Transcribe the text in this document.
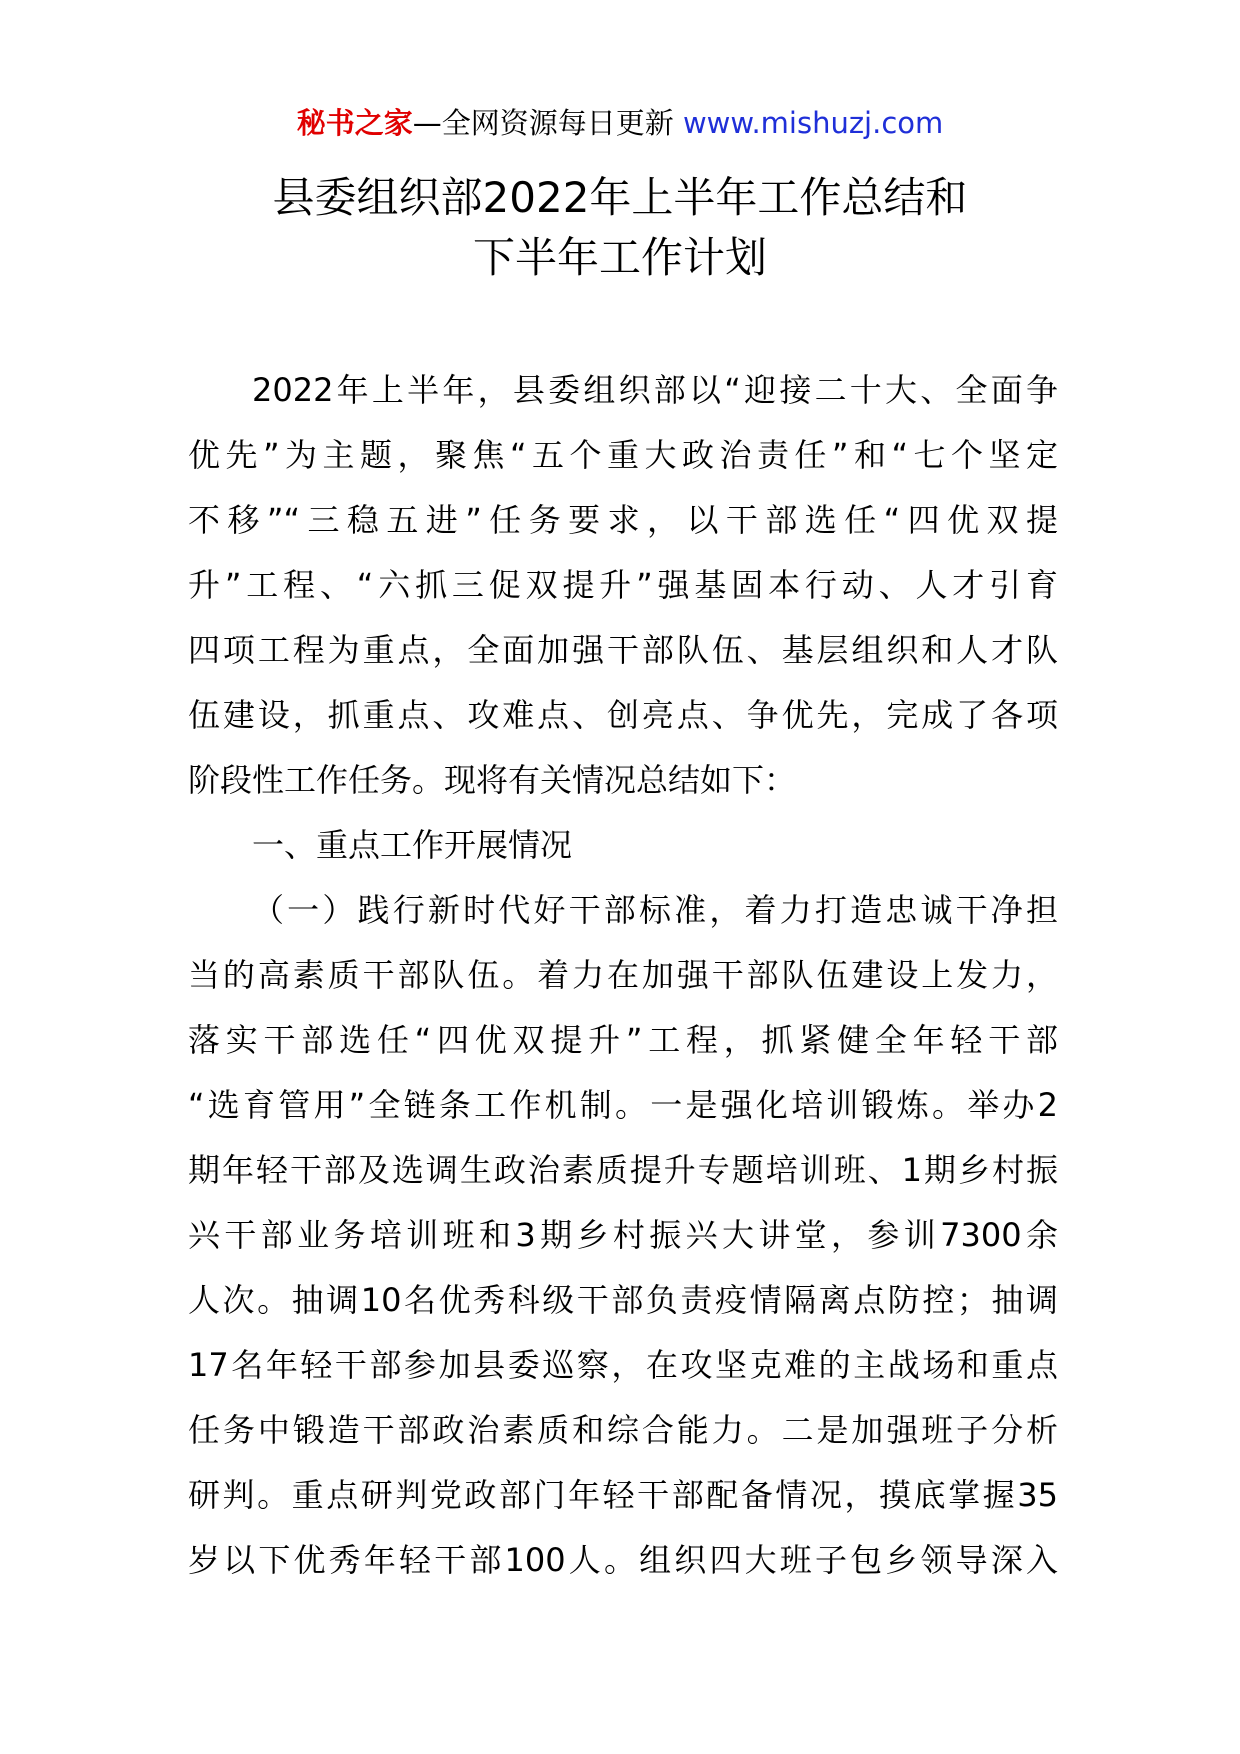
秘书之家—全网资源每日更新 www.mishuzj.com
县委组织部2022年上半年工作总结和
下半年工作计划
2022年上半年，县委组织部以“迎接二十大、全面争
优先”为主题，聚焦“五个重大政治责任”和“七个坚定
不移”“三稳五进”任务要求，以干部选任“四优双提
升”工程、“六抓三促双提升”强基固本行动、人才引育
四项工程为重点，全面加强干部队伍、基层组织和人才队
伍建设，抓重点、攻难点、创亮点、争优先，完成了各项
阶段性工作任务。现将有关情况总结如下：
一、重点工作开展情况
（一）践行新时代好干部标准，着力打造忠诚干净担
当的高素质干部队伍。着力在加强干部队伍建设上发力，
落实干部选任“四优双提升”工程，抓紧健全年轻干部
“选育管用”全链条工作机制。一是强化培训锻炼。举办2
期年轻干部及选调生政治素质提升专题培训班、1期乡村振
兴干部业务培训班和3期乡村振兴大讲堂，参训7300余
人次。抽调10名优秀科级干部负责疫情隔离点防控；抽调
17名年轻干部参加县委巡察，在攻坚克难的主战场和重点
任务中锻造干部政治素质和综合能力。二是加强班子分析
研判。重点研判党政部门年轻干部配备情况，摸底掌握35
岁以下优秀年轻干部100人。组织四大班子包乡领导深入
